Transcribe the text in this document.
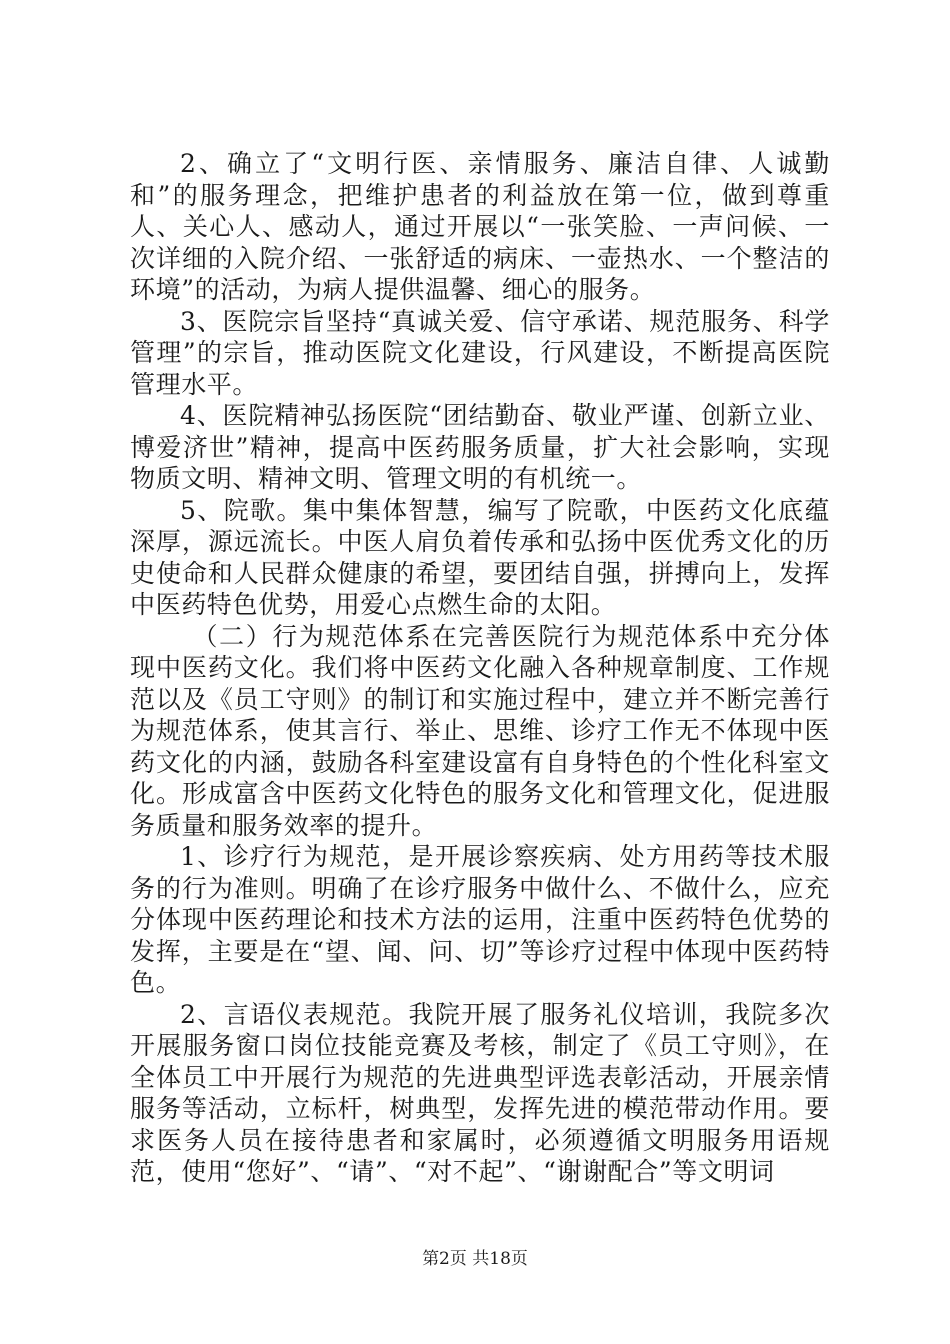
2、确立了“文明行医、亲情服务、廉洁自律、人诚勤和”的服务理念，把维护患者的利益放在第一位，做到尊重人、关心人、感动人，通过开展以“一张笑脸、一声问候、一次详细的入院介绍、一张舒适的病床、一壶热水、一个整洁的环境”的活动，为病人提供温馨、细心的服务。

3、医院宗旨坚持“真诚关爱、信守承诺、规范服务、科学管理”的宗旨，推动医院文化建设，行风建设，不断提高医院管理水平。

4、医院精神弘扬医院“团结勤奋、敬业严谨、创新立业、博爱济世”精神，提高中医药服务质量，扩大社会影响，实现物质文明、精神文明、管理文明的有机统一。

5、院歌。集中集体智慧，编写了院歌，中医药文化底蕴深厚，源远流长。中医人肩负着传承和弘扬中医优秀文化的历史使命和人民群众健康的希望，要团结自强，拼搏向上，发挥中医药特色优势，用爱心点燃生命的太阳。

（二）行为规范体系在完善医院行为规范体系中充分体现中医药文化。我们将中医药文化融入各种规章制度、工作规范以及《员工守则》的制订和实施过程中，建立并不断完善行为规范体系，使其言行、举止、思维、诊疗工作无不体现中医药文化的内涵，鼓励各科室建设富有自身特色的个性化科室文化。形成富含中医药文化特色的服务文化和管理文化，促进服务质量和服务效率的提升。

1、诊疗行为规范，是开展诊察疾病、处方用药等技术服务的行为准则。明确了在诊疗服务中做什么、不做什么，应充分体现中医药理论和技术方法的运用，注重中医药特色优势的发挥，主要是在“望、闻、问、切”等诊疗过程中体现中医药特色。

2、言语仪表规范。我院开展了服务礼仪培训，我院多次开展服务窗口岗位技能竞赛及考核，制定了《员工守则》，在全体员工中开展行为规范的先进典型评选表彰活动，开展亲情服务等活动，立标杆，树典型，发挥先进的模范带动作用。要求医务人员在接待患者和家属时，必须遵循文明服务用语规范，使用“您好”、“请”、“对不起”、“谢谢配合”等文明词

第2页 共18页
